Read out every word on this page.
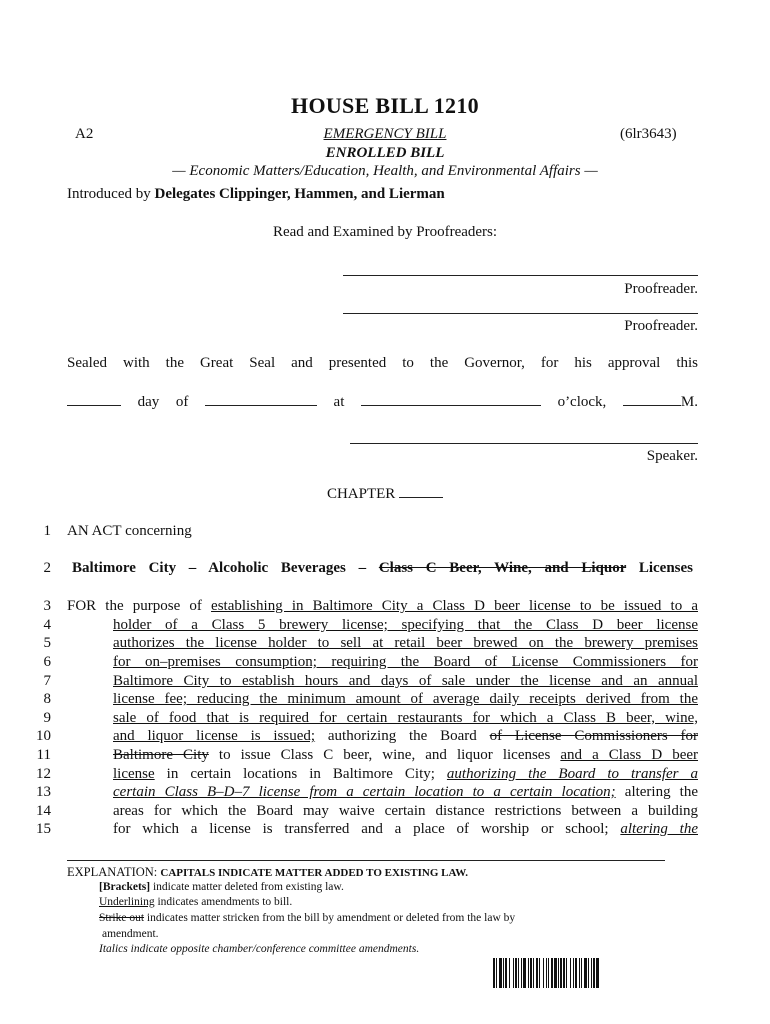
HOUSE BILL 1210
A2	EMERGENCY BILL	(6lr3643)
ENROLLED BILL
— Economic Matters/Education, Health, and Environmental Affairs —
Introduced by Delegates Clippinger, Hammen, and Lierman
Read and Examined by Proofreaders:
Proofreader.
Proofreader.
Sealed with the Great Seal and presented to the Governor, for his approval this
day of	at	o’clock,	M.
Speaker.
CHAPTER
1 AN ACT concerning
2 Baltimore City – Alcoholic Beverages – Class C Beer, Wine, and Liquor Licenses
3 FOR the purpose of establishing in Baltimore City a Class D beer license to be issued to a
4	holder of a Class 5 brewery license; specifying that the Class D beer license
5	authorizes the license holder to sell at retail beer brewed on the brewery premises
6	for on–premises consumption; requiring the Board of License Commissioners for
7	Baltimore City to establish hours and days of sale under the license and an annual
8	license fee; reducing the minimum amount of average daily receipts derived from the
9	sale of food that is required for certain restaurants for which a Class B beer, wine,
10	and liquor license is issued; authorizing the Board of License Commissioners for
11	Baltimore City to issue Class C beer, wine, and liquor licenses and a Class D beer
12	license in certain locations in Baltimore City; authorizing the Board to transfer a
13	certain Class B–D–7 license from a certain location to a certain location; altering the
14	areas for which the Board may waive certain distance restrictions between a building
15	for which a license is transferred and a place of worship or school; altering the
EXPLANATION: CAPITALS INDICATE MATTER ADDED TO EXISTING LAW.
[Brackets] indicate matter deleted from existing law.
Underlining indicates amendments to bill.
Strike out indicates matter stricken from the bill by amendment or deleted from the law by
amendment.
Italics indicate opposite chamber/conference committee amendments.
